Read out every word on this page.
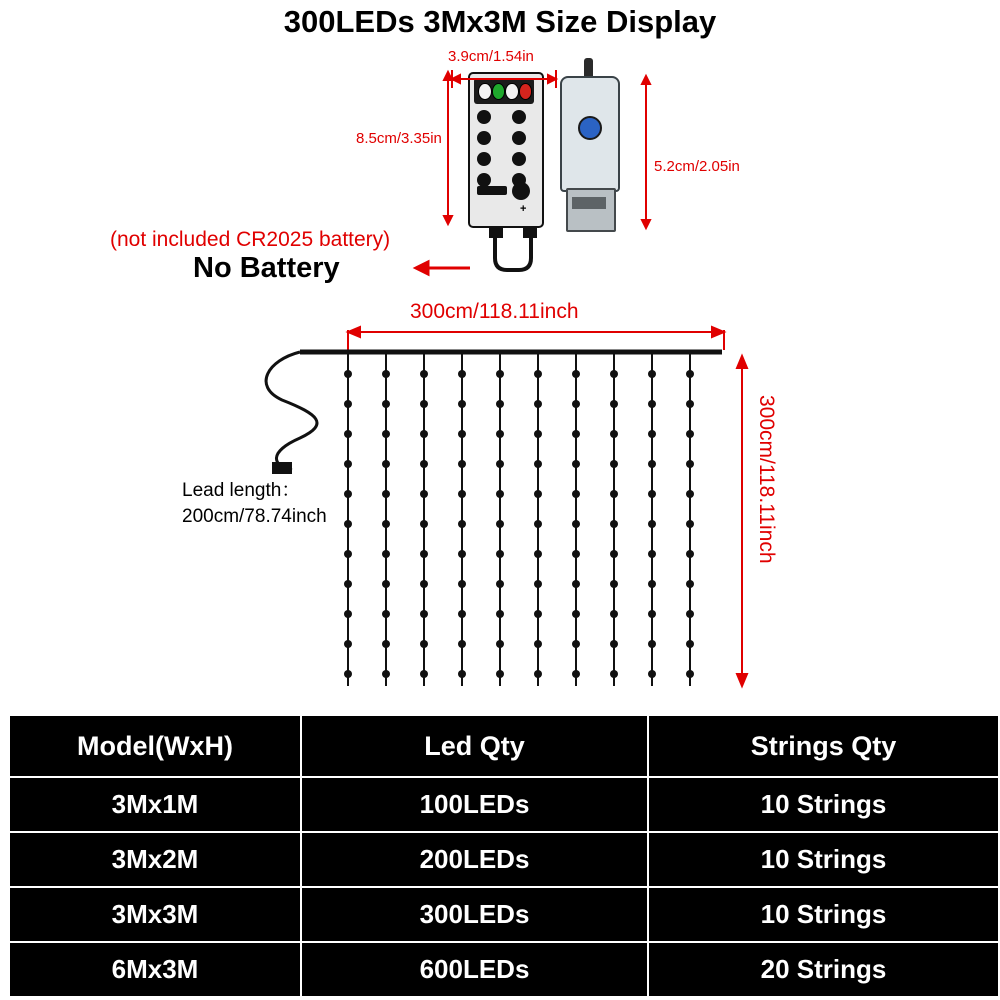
300LEDs 3Mx3M Size Display
+
3.9cm/1.54in
8.5cm/3.35in
5.2cm/2.05in
(not included CR2025 battery)
No Battery
300cm/118.11inch
300cm/118.11inch
Lead length：
200cm/78.74inch
Model(WxH)	Led Qty	Strings Qty
3Mx1M	100LEDs	10 Strings
3Mx2M	200LEDs	10 Strings
3Mx3M	300LEDs	10 Strings
6Mx3M	600LEDs	20 Strings
